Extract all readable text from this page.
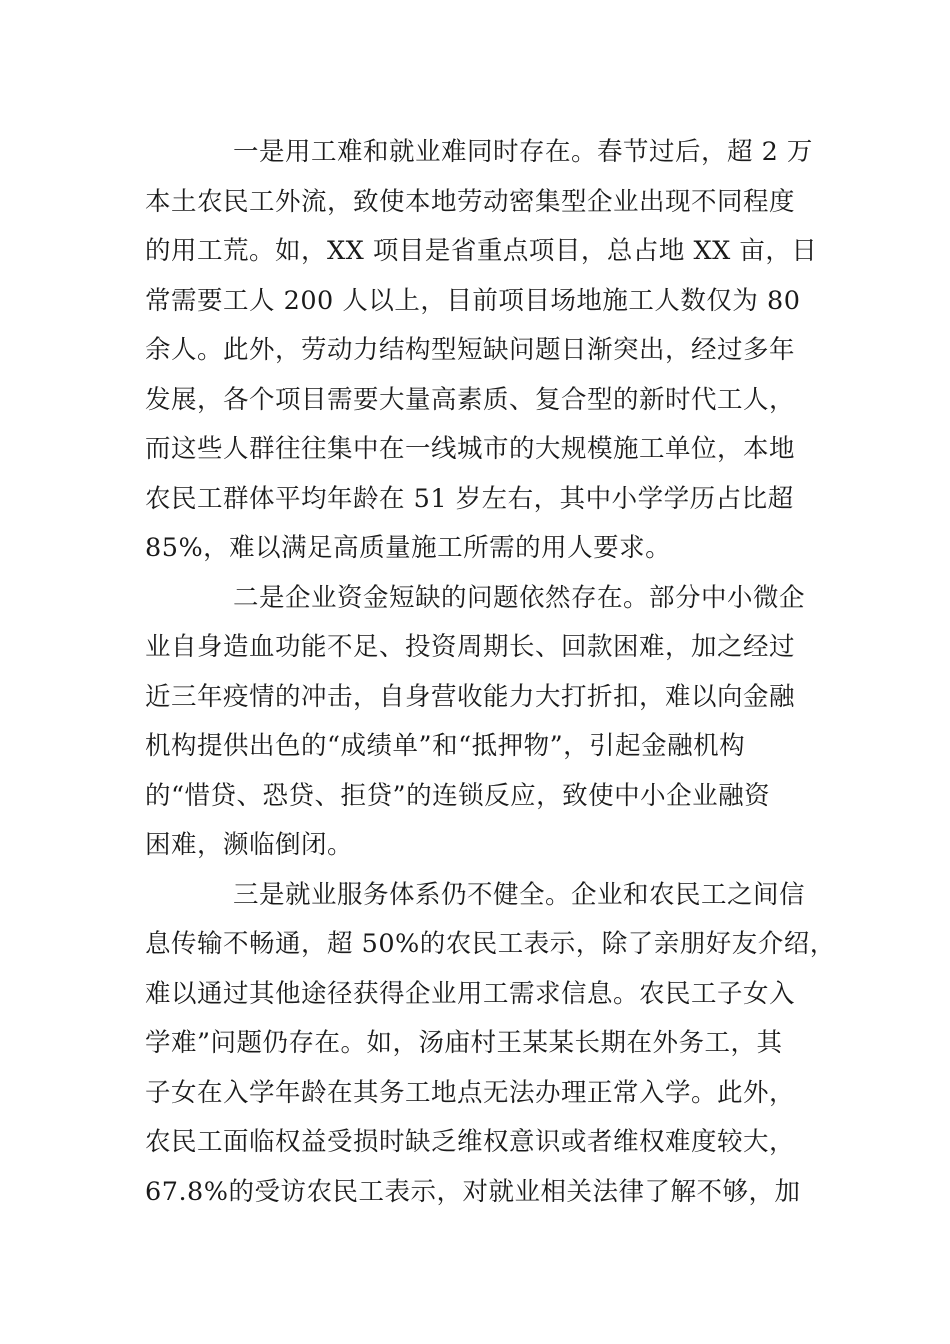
一是用工难和就业难同时存在。春节过后，超 2 万
本土农民工外流，致使本地劳动密集型企业出现不同程度
的用工荒。如，XX 项目是省重点项目，总占地 XX 亩，日
常需要工人 200 人以上，目前项目场地施工人数仅为 80
余人。此外，劳动力结构型短缺问题日渐突出，经过多年
发展，各个项目需要大量高素质、复合型的新时代工人，
而这些人群往往集中在一线城市的大规模施工单位，本地
农民工群体平均年龄在 51 岁左右，其中小学学历占比超
85%，难以满足高质量施工所需的用人要求。
二是企业资金短缺的问题依然存在。部分中小微企
业自身造血功能不足、投资周期长、回款困难，加之经过
近三年疫情的冲击，自身营收能力大打折扣，难以向金融
机构提供出色的“成绩单”和“抵押物”，引起金融机构
的“惜贷、恐贷、拒贷”的连锁反应，致使中小企业融资
困难，濒临倒闭。
三是就业服务体系仍不健全。企业和农民工之间信
息传输不畅通，超 50%的农民工表示，除了亲朋好友介绍，
难以通过其他途径获得企业用工需求信息。农民工子女入
学难”问题仍存在。如，汤庙村王某某长期在外务工，其
子女在入学年龄在其务工地点无法办理正常入学。此外，
农民工面临权益受损时缺乏维权意识或者维权难度较大，
67.8%的受访农民工表示，对就业相关法律了解不够，加
